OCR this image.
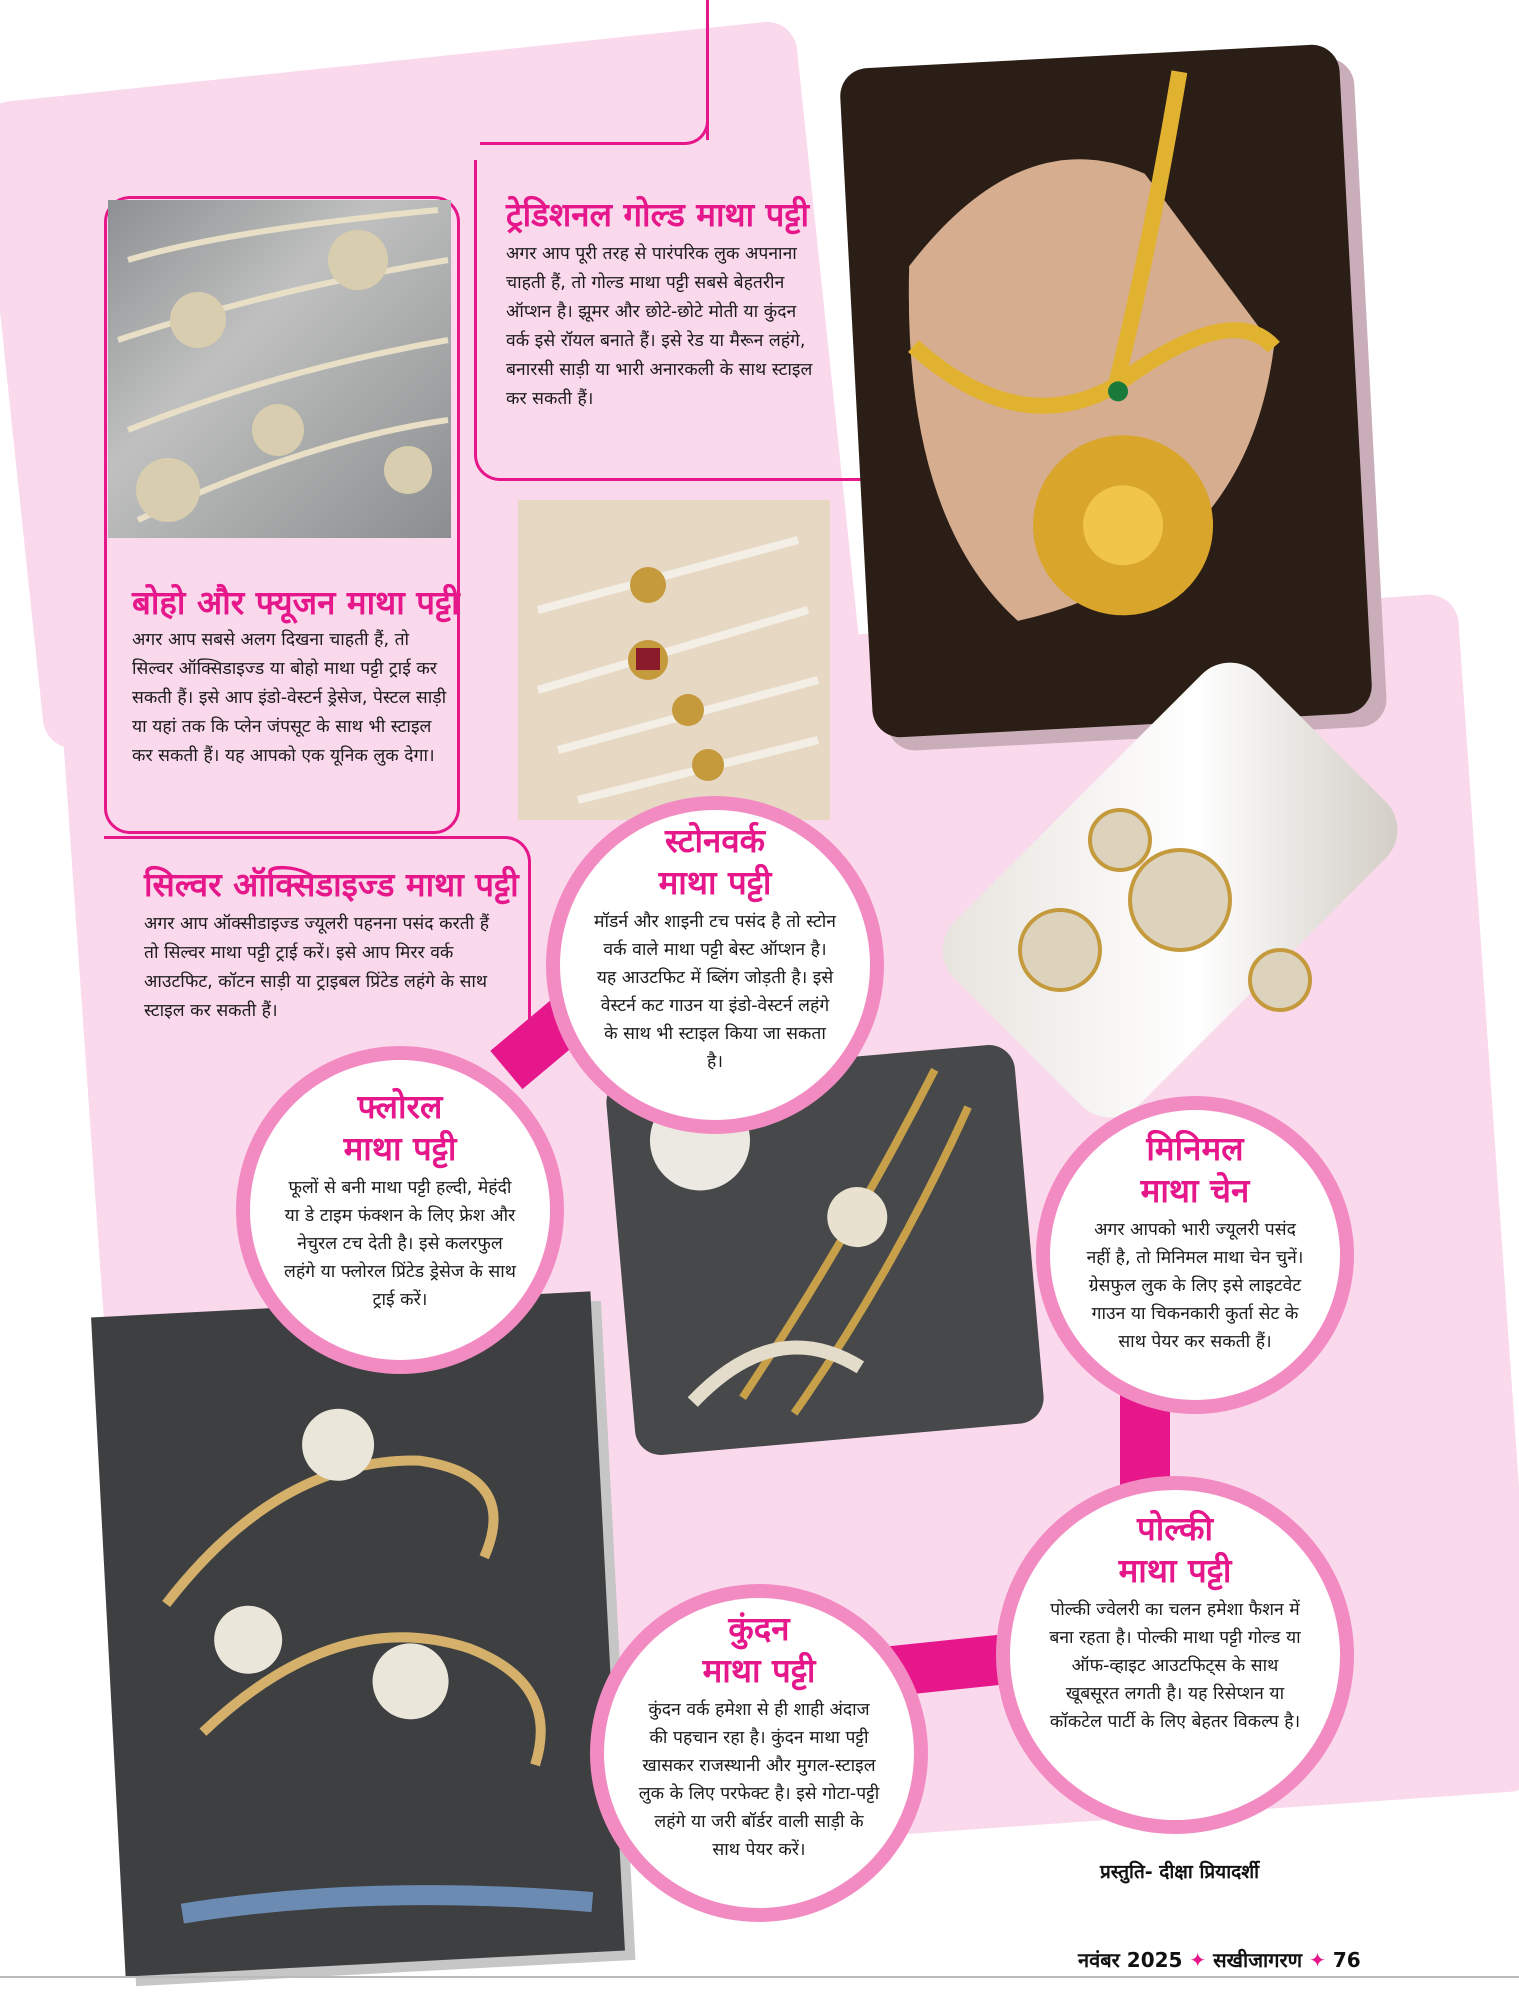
ट्रेडिशनल गोल्ड माथा पट्टी
अगर आप पूरी तरह से पारंपरिक लुक अपनाना चाहती हैं, तो गोल्ड माथा पट्टी सबसे बेहतरीन ऑप्शन है। झूमर और छोटे-छोटे मोती या कुंदन वर्क इसे रॉयल बनाते हैं। इसे रेड या मैरून लहंगे, बनारसी साड़ी या भारी अनारकली के साथ स्टाइल कर सकती हैं।
बोहो और फ्यूजन माथा पट्टी
अगर आप सबसे अलग दिखना चाहती हैं, तो सिल्वर ऑक्सिडाइज्ड या बोहो माथा पट्टी ट्राई कर सकती हैं। इसे आप इंडो-वेस्टर्न ड्रेसेज, पेस्टल साड़ी या यहां तक कि प्लेन जंपसूट के साथ भी स्टाइल कर सकती हैं। यह आपको एक यूनिक लुक देगा।
सिल्वर ऑक्सिडाइज्ड माथा पट्टी
अगर आप ऑक्सीडाइज्ड ज्यूलरी पहनना पसंद करती हैं तो सिल्वर माथा पट्टी ट्राई करें। इसे आप मिरर वर्क आउटफिट, कॉटन साड़ी या ट्राइबल प्रिंटेड लहंगे के साथ स्टाइल कर सकती हैं।
स्टोनवर्क
माथा पट्टी
मॉडर्न और शाइनी टच पसंद है तो स्टोन वर्क वाले माथा पट्टी बेस्ट ऑप्शन है। यह आउटफिट में ब्लिंग जोड़ती है। इसे वेस्टर्न कट गाउन या इंडो-वेस्टर्न लहंगे के साथ भी स्टाइल किया जा सकता है।
फ्लोरल
माथा पट्टी
फूलों से बनी माथा पट्टी हल्दी, मेहंदी या डे टाइम फंक्शन के लिए फ्रेश और नेचुरल टच देती है। इसे कलरफुल लहंगे या फ्लोरल प्रिंटेड ड्रेसेज के साथ ट्राई करें।
मिनिमल
माथा चेन
अगर आपको भारी ज्यूलरी पसंद नहीं है, तो मिनिमल माथा चेन चुनें। ग्रेसफुल लुक के लिए इसे लाइटवेट गाउन या चिकनकारी कुर्ता सेट के साथ पेयर कर सकती हैं।
पोल्की
माथा पट्टी
पोल्की ज्वेलरी का चलन हमेशा फैशन में बना रहता है। पोल्की माथा पट्टी गोल्ड या ऑफ-व्हाइट आउटफिट्स के साथ खूबसूरत लगती है। यह रिसेप्शन या कॉकटेल पार्टी के लिए बेहतर विकल्प है।
कुंदन
माथा पट्टी
कुंदन वर्क हमेशा से ही शाही अंदाज की पहचान रहा है। कुंदन माथा पट्टी खासकर राजस्थानी और मुगल-स्टाइल लुक के लिए परफेक्ट है। इसे गोटा-पट्टी लहंगे या जरी बॉर्डर वाली साड़ी के साथ पेयर करें।
प्रस्तुति- दीक्षा प्रियादर्शी
नवंबर 2025 ✦ सखीजागरण ✦ 76
